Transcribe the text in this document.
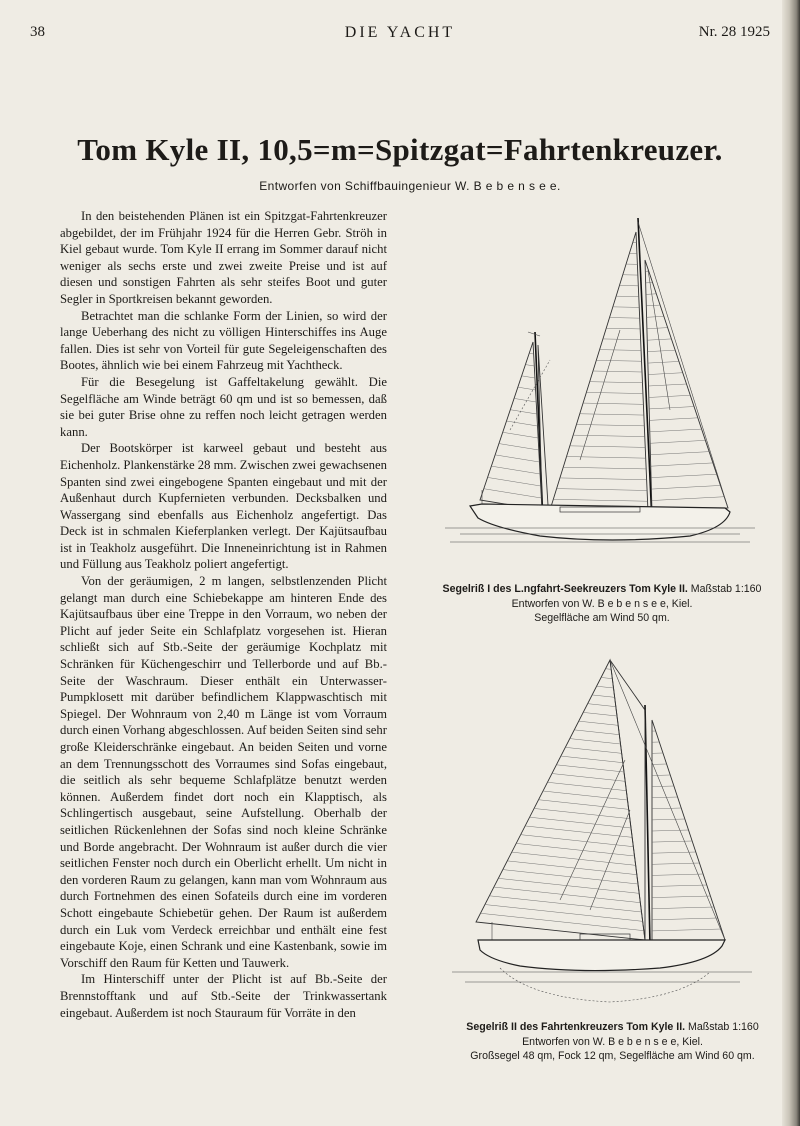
38	DIE YACHT	Nr. 28 1925
Tom Kyle II, 10,5=m=Spitzgat=Fahrtenkreuzer.
Entworfen von Schiffbauingenieur W. B e b e n s e e.

In den beistehenden Plänen ist ein Spitzgat-Fahrtenkreuzer abgebildet, der im Frühjahr 1924 für die Herren Gebr. Ströh in Kiel gebaut wurde. Tom Kyle II errang im Sommer darauf nicht weniger als sechs erste und zwei zweite Preise und ist auf diesen und sonstigen Fahrten als sehr steifes Boot und guter Segler in Sportkreisen bekannt geworden.

Betrachtet man die schlanke Form der Linien, so wird der lange Ueberhang des nicht zu völligen Hinterschiffes ins Auge fallen. Dies ist sehr von Vorteil für gute Segeleigenschaften des Bootes, ähnlich wie bei einem Fahrzeug mit Yachtheck.

Für die Besegelung ist Gaffeltakelung gewählt. Die Segelfläche am Winde beträgt 60 qm und ist so bemessen, daß sie bei guter Brise ohne zu reffen noch leicht getragen werden kann.

Der Bootskörper ist karweel gebaut und besteht aus Eichenholz. Plankenstärke 28 mm. Zwischen zwei gewachsenen Spanten sind zwei eingebogene Spanten eingebaut und mit der Außenhaut durch Kupfernieten verbunden. Decksbalken und Wassergang sind ebenfalls aus Eichenholz angefertigt. Das Deck ist in schmalen Kieferplanken verlegt. Der Kajütsaufbau ist in Teakholz ausgeführt. Die Inneneinrichtung ist in Rahmen und Füllung aus Teakholz poliert angefertigt.

Von der geräumigen, 2 m langen, selbstlenzenden Plicht gelangt man durch eine Schiebekappe am hinteren Ende des Kajütsaufbaus über eine Treppe in den Vorraum, wo neben der Plicht auf jeder Seite ein Schlafplatz vorgesehen ist. Hieran schließt sich auf Stb.-Seite der geräumige Kochplatz mit Schränken für Küchengeschirr und Tellerborde und auf Bb.-Seite der Waschraum. Dieser enthält ein Unterwasser-Pumpklosett mit darüber befindlichem Klappwaschtisch mit Spiegel. Der Wohnraum von 2,40 m Länge ist vom Vorraum durch einen Vorhang abgeschlossen. Auf beiden Seiten sind sehr große Kleiderschränke eingebaut. An beiden Seiten und vorne an dem Trennungsschott des Vorraumes sind Sofas eingebaut, die seitlich als sehr bequeme Schlafplätze benutzt werden können. Außerdem findet dort noch ein Klapptisch, als Schlingertisch ausgebaut, seine Aufstellung. Oberhalb der seitlichen Rückenlehnen der Sofas sind noch kleine Schränke und Borde angebracht. Der Wohnraum ist außer durch die vier seitlichen Fenster noch durch ein Oberlicht erhellt. Um nicht in den vorderen Raum zu gelangen, kann man vom Wohnraum aus durch Fortnehmen des einen Sofateils durch eine im vorderen Schott eingebaute Schiebetür gehen. Der Raum ist außerdem durch ein Luk vom Verdeck erreichbar und enthält eine fest eingebaute Koje, einen Schrank und eine Kastenbank, sowie im Vorschiff den Raum für Ketten und Tauwerk.

Im Hinterschiff unter der Plicht ist auf Bb.-Seite der Brennstofftank und auf Stb.-Seite der Trinkwassertank eingebaut. Außerdem ist noch Stauraum für Vorräte in den

Segelriß I des L.ngfahrt-Seekreuzers Tom Kyle II. Maßstab 1:160
Entworfen von W. B e b e n s e e, Kiel.
Segelfläche am Wind 50 qm.
Segelriß II des Fahrtenkreuzers Tom Kyle II. Maßstab 1:160
Entworfen von W. B e b e n s e e, Kiel.
Großsegel 48 qm, Fock 12 qm, Segelfläche am Wind 60 qm.
